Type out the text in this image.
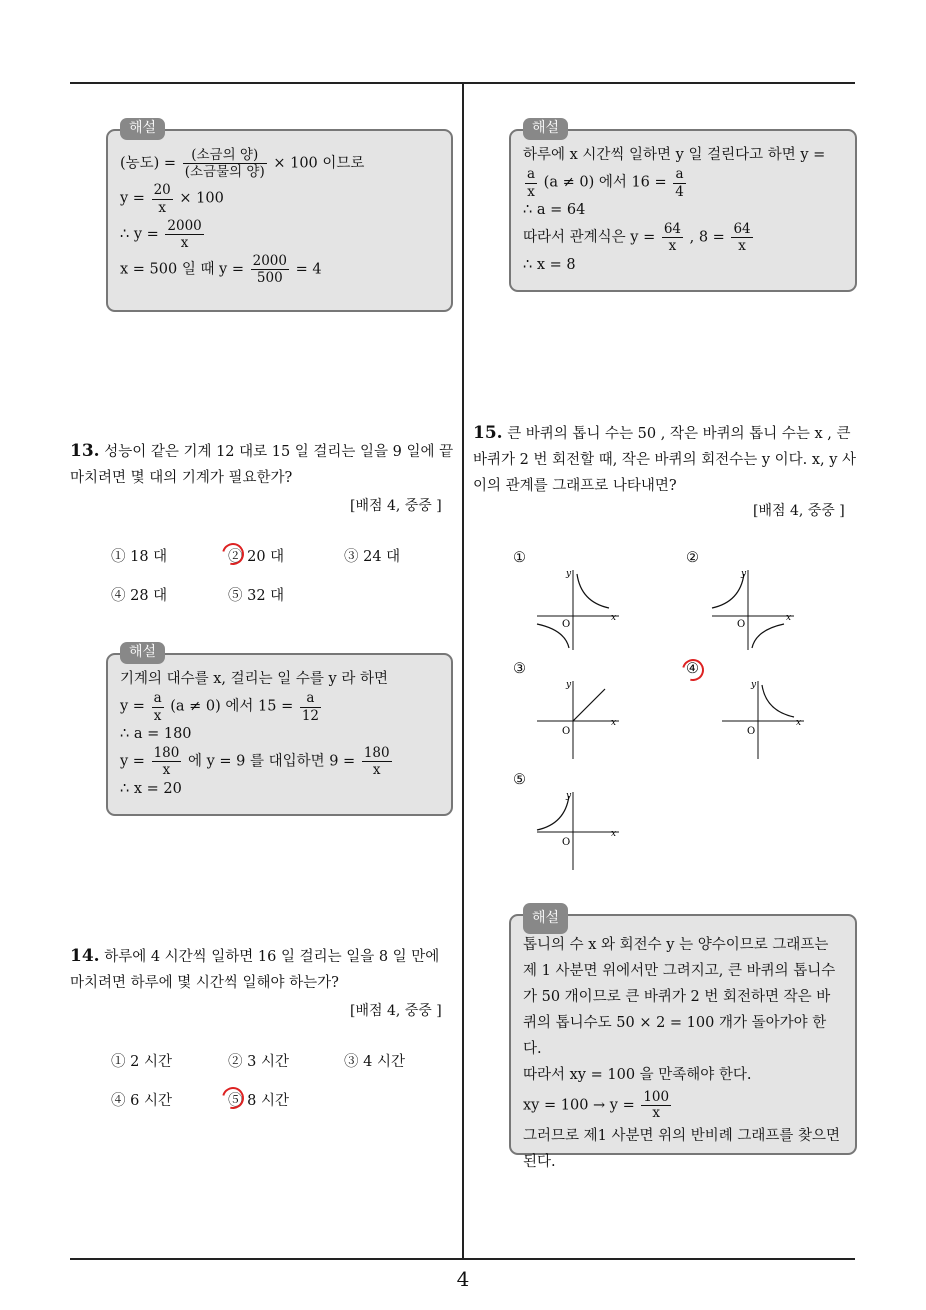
해설
(농도) =
(소금의 양)
(소금물의 양)
× 100 이므로
$y = \frac{20}{x} \times 100$
∴ $y = \frac{2000}{x}$
x = 500 일 때 $y = \frac{2000}{500} = 4$
13. 성능이 같은 기계 12 대로 15 일 걸리는 일을 9 일에 끝마치려면 몇 대의 기계가 필요한가?
[배점 4, 중중 ]
① 18 대	② 20 대	③ 24 대
④ 28 대	⑤ 32 대
해설
기계의 대수를 x, 걸리는 일 수를 y 라 하면
$y = \frac{a}{x} (a \ne 0)$ 에서 $15 = \frac{a}{12}$
∴ a = 180
$y = \frac{180}{x}$ 에 y = 9 를 대입하면 $9 = \frac{180}{x}$
∴ x = 20
14. 하루에 4 시간씩 일하면 16 일 걸리는 일을 8 일 만에 마치려면 하루에 몇 시간씩 일해야 하는가?
[배점 4, 중중 ]
① 2 시간	② 3 시간	③ 4 시간
④ 6 시간	⑤ 8 시간
해설
하루에 x 시간씩 일하면 y 일 걸린다고 하면 y =
$\frac{a}{x} (a \ne 0)$ 에서 $16 = \frac{a}{4}$
∴ a = 64
따라서 관계식은 $y = \frac{64}{x}$ , $8 = \frac{64}{x}$
∴ x = 8
15. 큰 바퀴의 톱니 수는 50 , 작은 바퀴의 톱니 수는 x , 큰 바퀴가 2 번 회전할 때, 작은 바퀴의 회전수는 y 이다. x, y 사이의 관계를 그래프로 나타내면?
[배점 4, 중중 ]
①	②
③	④
⑤
y
x
O
y
x
O
y
x
O
y
x
O
y
x
O
해설
톱니의 수 x 와 회전수 y 는 양수이므로 그래프는 제 1 사분면 위에서만 그려지고, 큰 바퀴의 톱니수가 50 개이므로 큰 바퀴가 2 번 회전하면 작은 바퀴의 톱니수도 50 × 2 = 100 개가 돌아가야 한다.
따라서 xy = 100 을 만족해야 한다.
xy = $100 \to y = \frac{100}{x}$
그러므로 제1 사분면 위의 반비례 그래프를 찾으면 된다.
4
